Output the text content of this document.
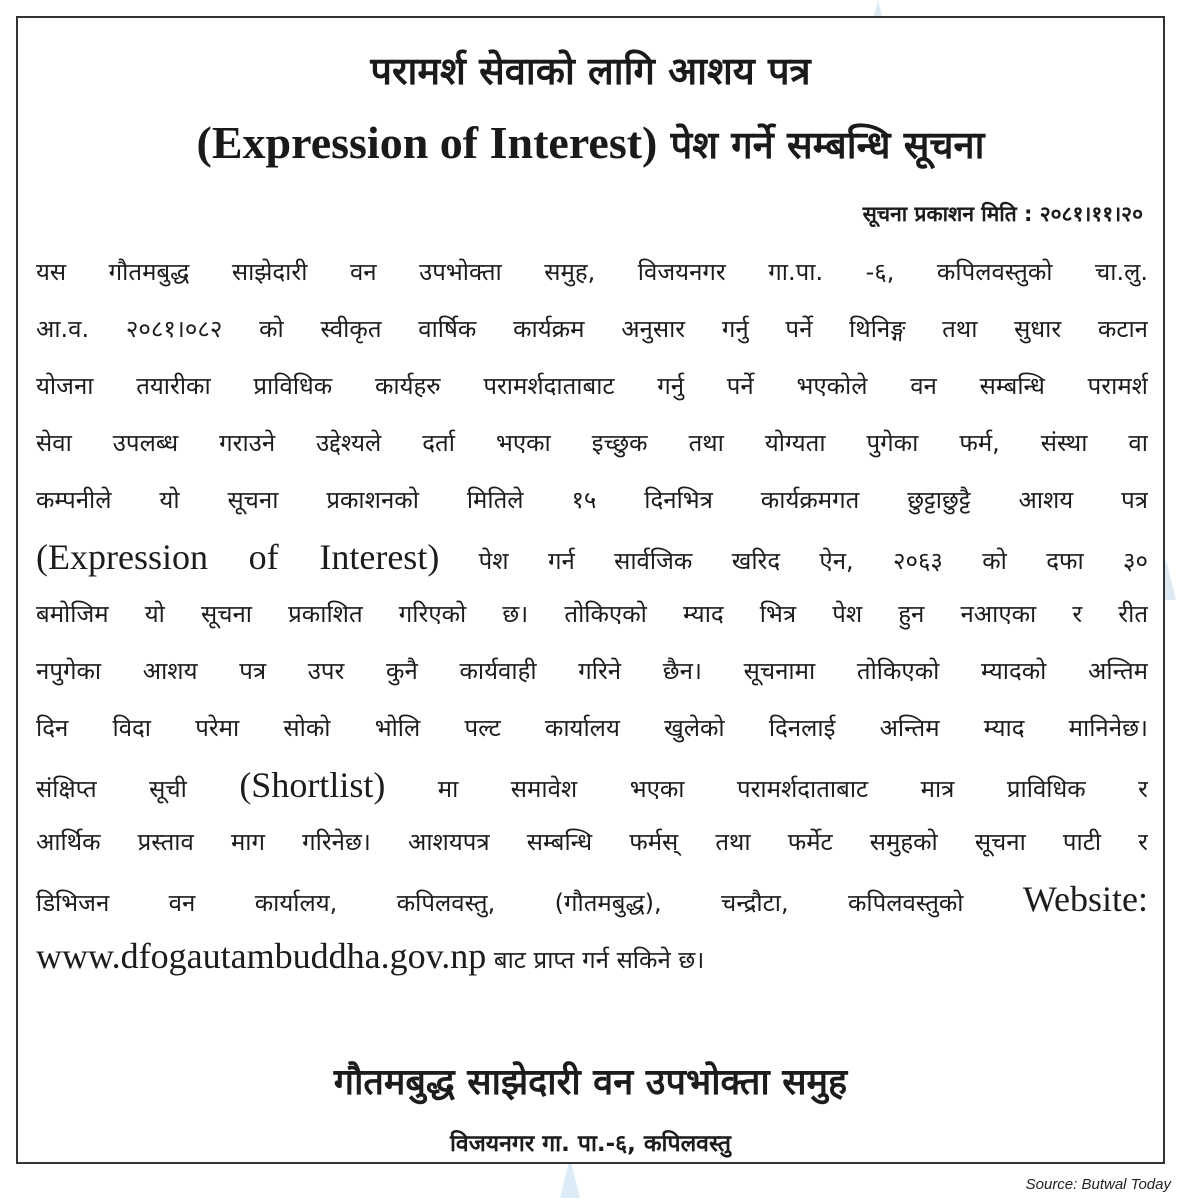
परामर्श सेवाको लागि आशय पत्र
(Expression of Interest) पेश गर्ने सम्बन्धि सूचना
सूचना प्रकाशन मिति : २०८१।११।२०
यस गौतमबुद्ध साझेदारी वन उपभोक्ता समुह, विजयनगर गा.पा. -६, कपिलवस्तुको चा.लु.
आ.व. २०८१।०८२ को स्वीकृत वार्षिक कार्यक्रम अनुसार गर्नु पर्ने थिनिङ्ग तथा सुधार कटान
योजना तयारीका प्राविधिक कार्यहरु परामर्शदाताबाट गर्नु पर्ने भएकोले वन सम्बन्धि परामर्श
सेवा उपलब्ध गराउने उद्देश्यले दर्ता भएका इच्छुक तथा योग्यता पुगेका फर्म, संस्था वा
कम्पनीले यो सूचना प्रकाशनको मितिले १५ दिनभित्र कार्यक्रमगत छुट्टाछुट्टै आशय पत्र
(Expression of Interest) पेश गर्न सार्वजिक खरिद ऐन, २०६३ को दफा ३०
बमोजिम यो सूचना प्रकाशित गरिएको छ। तोकिएको म्याद भित्र पेश हुन नआएका र रीत
नपुगेका आशय पत्र उपर कुनै कार्यवाही गरिने छैन। सूचनामा तोकिएको म्यादको अन्तिम
दिन विदा परेमा सोको भोलि पल्ट कार्यालय खुलेको दिनलाई अन्तिम म्याद मानिनेछ।
संक्षिप्त सूची (Shortlist) मा समावेश भएका परामर्शदाताबाट मात्र प्राविधिक र
आर्थिक प्रस्ताव माग गरिनेछ। आशयपत्र सम्बन्धि फर्मस् तथा फर्मेट समुहको सूचना पाटी र
डिभिजन वन कार्यालय, कपिलवस्तु, (गौतमबुद्ध), चन्द्रौटा, कपिलवस्तुको Website:
www.dfogautambuddha.gov.np बाट प्राप्त गर्न सकिने छ।
गौतमबुद्ध साझेदारी वन उपभोक्ता समुह
विजयनगर गा. पा.-६, कपिलवस्तु
Source: Butwal Today
